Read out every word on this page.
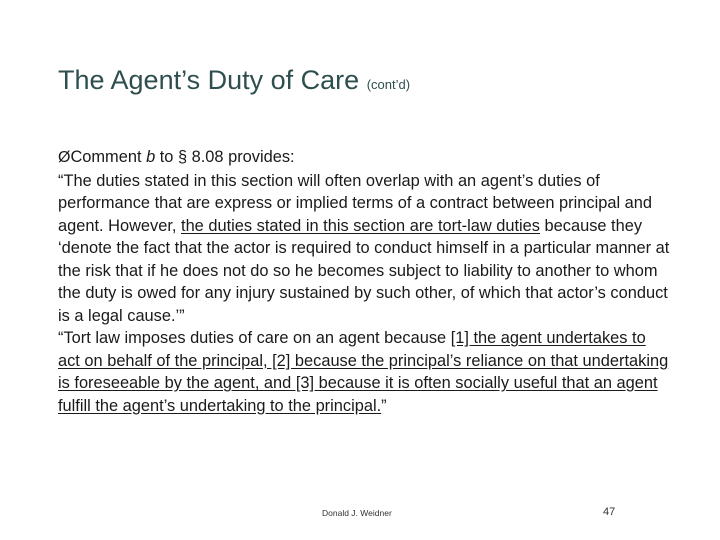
The Agent’s Duty of Care (cont’d)
ØComment b to § 8.08 provides:

“The duties stated in this section will often overlap with an agent’s duties of performance that are express or implied terms of a contract between principal and agent. However, the duties stated in this section are tort-law duties because they ‘denote the fact that the actor is required to conduct himself in a particular manner at the risk that if he does not do so he becomes subject to liability to another to whom the duty is owed for any injury sustained by such other, of which that actor’s conduct is a legal cause.’”

“Tort law imposes duties of care on an agent because [1] the agent undertakes to act on behalf of the principal, [2] because the principal’s reliance on that undertaking is foreseeable by the agent, and [3] because it is often socially useful that an agent fulfill the agent’s undertaking to the principal.”

Donald J. Weidner	47
